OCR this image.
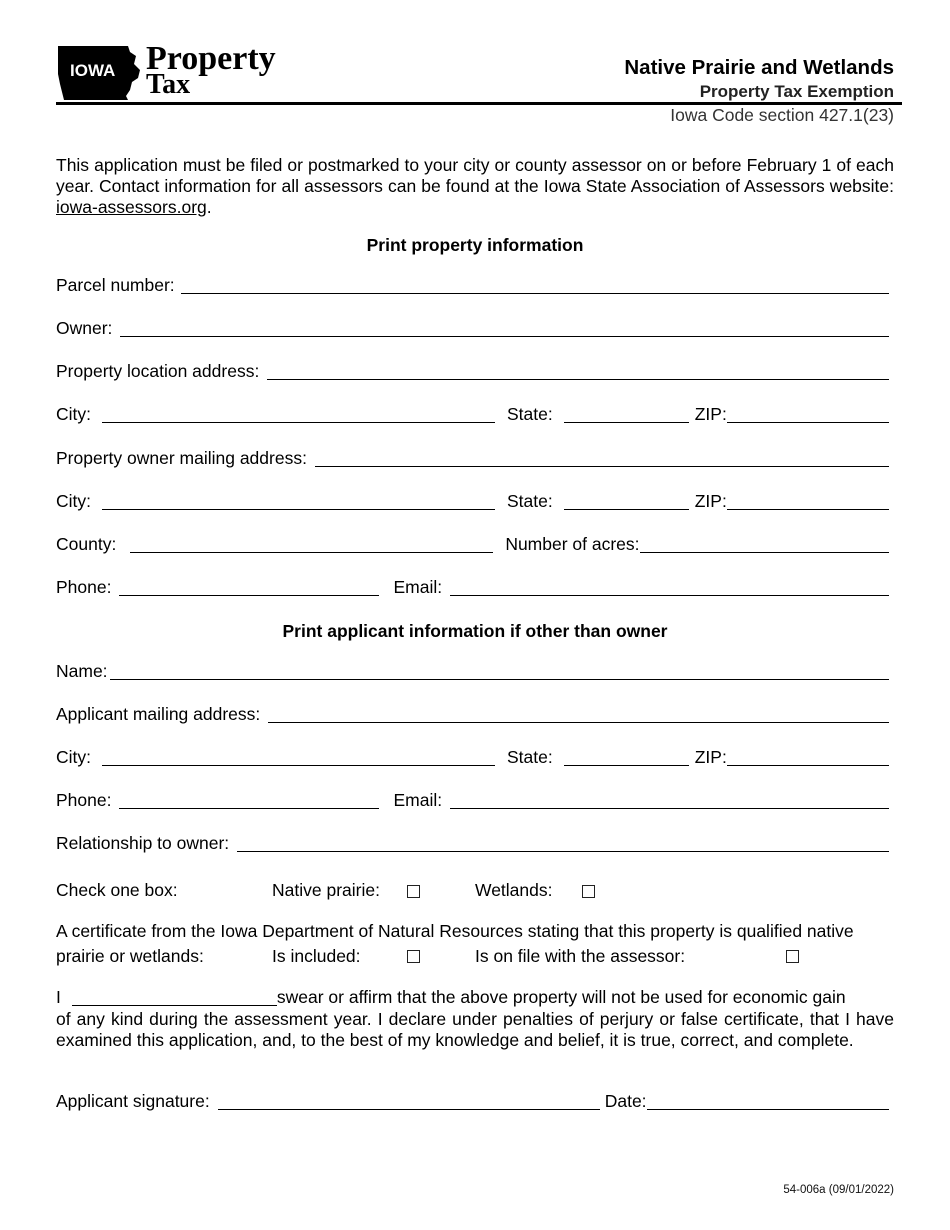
IOWA Property
Tax
Native Prairie and Wetlands
Property Tax Exemption
Iowa Code section 427.1(23)
This application must be filed or postmarked to your city or county assessor on or before February 1 of each year. Contact information for all assessors can be found at the Iowa State Association of Assessors website: iowa-assessors.org.
Print property information
Parcel number:
Owner:
Property location address:
City:	State:	ZIP:
Property owner mailing address:
City:	State:	ZIP:
County:	Number of acres:
Phone:	Email:
Print applicant information if other than owner
Name:
Applicant mailing address:
City:	State:	ZIP:
Phone:	Email:
Relationship to owner:
Check one box:	Native prairie:	Wetlands:
A certificate from the Iowa Department of Natural Resources stating that this property is qualified native
prairie or wetlands:	Is included:	Is on file with the assessor:
I	swear or affirm that the above property will not be used for economic gain
of any kind during the assessment year. I declare under penalties of perjury or false certificate, that I have examined this application, and, to the best of my knowledge and belief, it is true, correct, and complete.
Applicant signature:	Date:
54-006a (09/01/2022)
